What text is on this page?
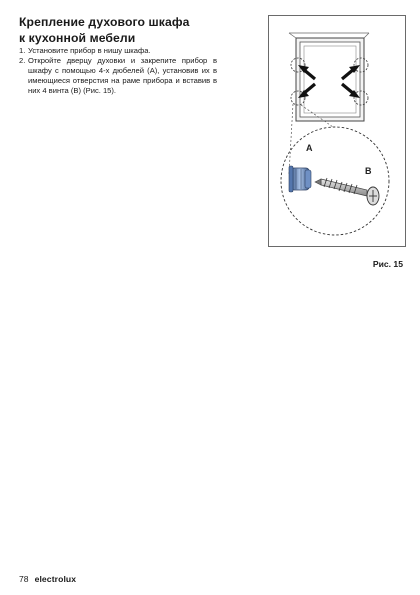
Крепление духового шкафа
к кухонной мебели
1. Установите прибор в нишу шкафа.
2. Откройте дверцу духовки и закрепите прибор в шкафу с помощью 4-х дюбелей (A), установив их в имеющиеся отверстия на раме прибора и вставив в них 4 винта (B) (Рис. 15).
A
B
Рис. 15
78 electrolux
